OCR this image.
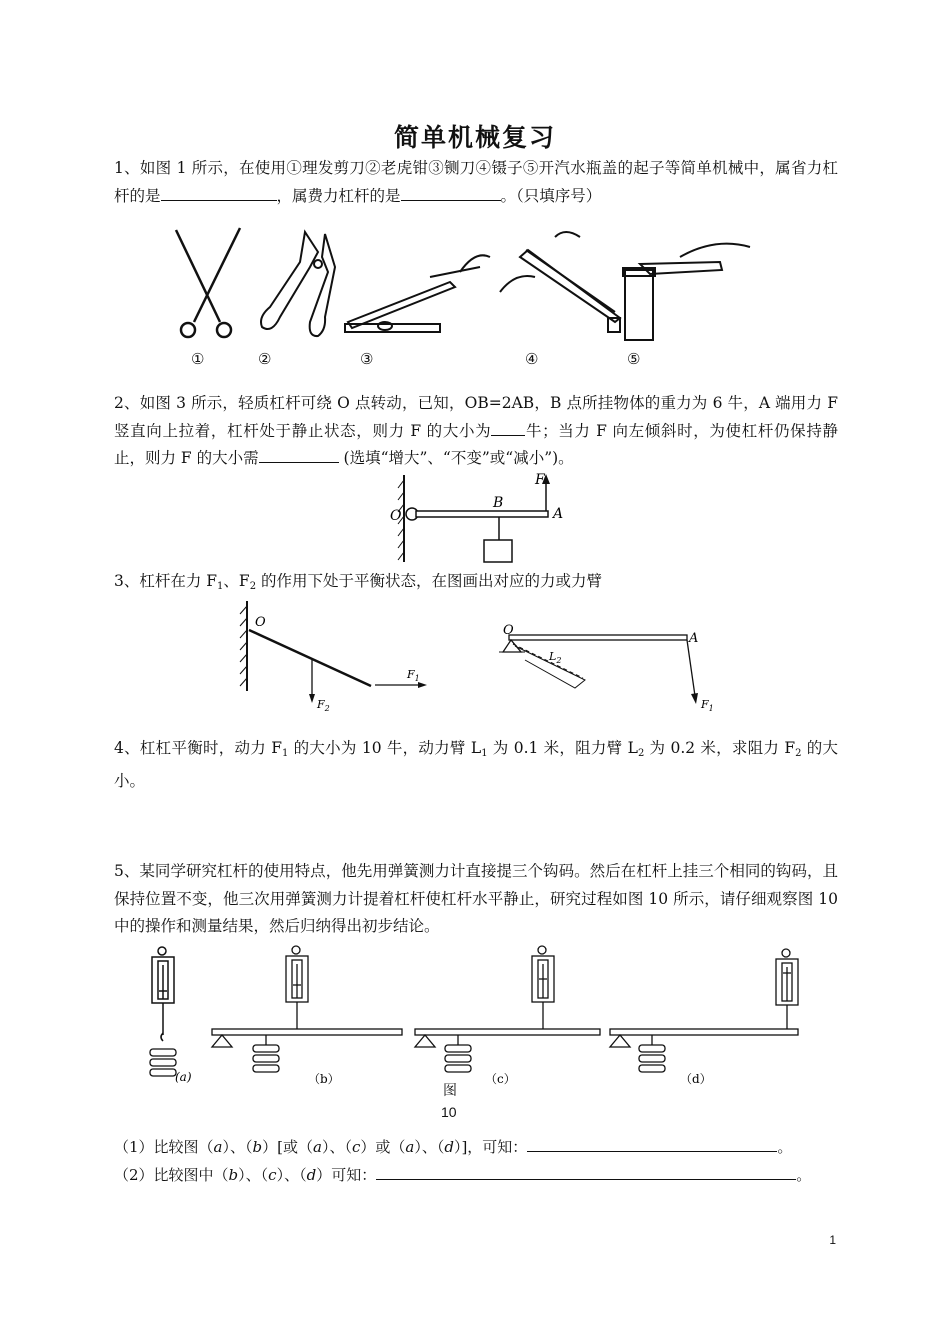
简单机械复习
1、如图 1 所示，在使用①理发剪刀②老虎钳③铡刀④镊子⑤开汽水瓶盖的起子等简单机械中，属省力杠杆的是	，属费力杠杆的是	。（只填序号）
①	②	③	④	⑤
2、如图 3 所示，轻质杠杆可绕 O 点转动，已知，OB=2AB，B 点所挂物体的重力为 6 牛，A 端用力 F 竖直向上拉着，杠杆处于静止状态，则力 F 的大小为 牛；当力 F 向左倾斜时，为使杠杆仍保持静止，则力 F 的大小需	(选填“增大”、“不变”或“减小”)。
O
B
A
F
3、杠杆在力 $F_1$、$F_2$ 的作用下处于平衡状态，在图画出对应的力或力臂
O
$F_1$
$F_2$
O
A
$L_2$
$F_1$
4、杠杠平衡时，动力 $F_1$ 的大小为 10 牛，动力臂 $L_1$ 为 0.1 米，阻力臂 $L_2$ 为 0.2 米，求阻力 $F_2$ 的大小。
5、某同学研究杠杆的使用特点，他先用弹簧测力计直接提三个钩码。然后在杠杆上挂三个相同的钩码，且保持位置不变，他三次用弹簧测力计提着杠杆使杠杆水平静止，研究过程如图 10 所示，请仔细观察图 10 中的操作和测量结果，然后归纳得出初步结论。
(a)	（b）	（c）	（d）
图
10
（1）比较图（a）、（b）[或（a）、（c）或（a）、（d）]，可知：	。
（2）比较图中（b）、（c）、（d）可知：	。
1
